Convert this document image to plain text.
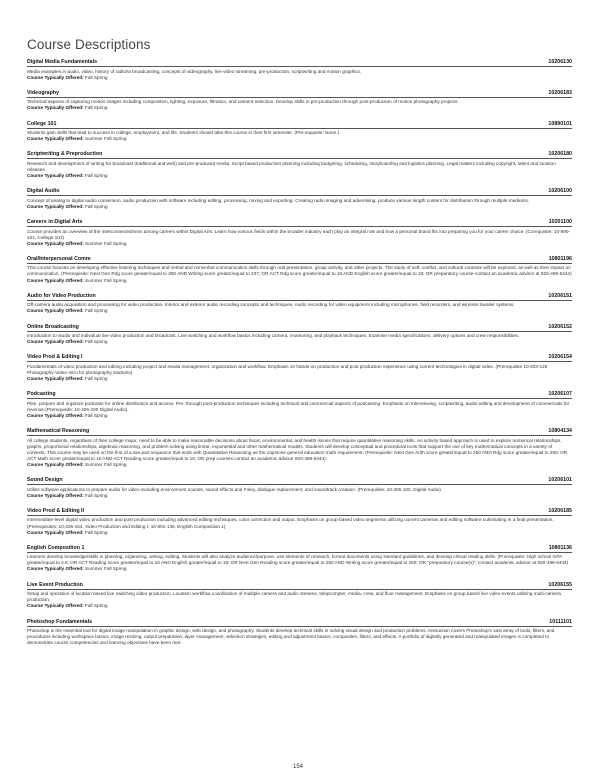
Course Descriptions
Digital Media Fundamentals	10206130
Media examples in audio, video, history of radio/tv broadcasting, concepts of videography, live video streaming, pre-production, scriptwriting and motion graphics.
Course Typically Offered: Fall Spring
Videography	10206183
Technical aspects of capturing motion images including composition, lighting, exposure, filtration, and camera selection. Develop skills in pre-production through post-production of motion photography projects.
Course Typically Offered: Fall Spring
College 101	10890101
Students gain skills that lead to success in college, employment, and life. Students should take this course in their first semester. (Pre-requisite: None.)
Course Typically Offered: Summer Fall Spring
Scriptwriting & Preproduction	10206180
Research and development of writing for broadcast (traditional and web) and pre-produced media. Script based production planning including budgeting, scheduling, storyboarding and logistics planning. Legal matters including copyright, talent and location releases.
Course Typically Offered: Fall Spring
Digital Audio	10206100
Concept of analog to digital audio conversion, audio production with software including editing, processing, mixing and exporting. Creating radio imaging and advertising, produce various length content for distribution through multiple mediums.
Course Typically Offered: Fall Spring
Careers in Digital Arts	10201100
Course provides an overview of the interconnectedness among careers within Digital Arts. Learn how various fields within the broader industry each play an integral role and how a personal brand fits into preparing you for your career choice. (Corequisite: 10-890-101, College 101)
Course Typically Offered: Summer Fall Spring
Oral/Interpersonal Comm	10801196
This course focuses on developing effective listening techniques and verbal and nonverbal communication skills through oral presentation, group activity, and other projects. The study of self, conflict, and cultural contexts will be explored, as well as their impact on communication. (Prerequisite: Next Gen Rdg score greater/equal to 250 AND Writing score greater/equal to 237; OR ACT Rdg score greater/equal to 16 AND English score greater/equal to 18; OR preparatory course-contact an academic advisor at 920-498-5444)
Course Typically Offered: Summer Fall Spring
Audio for Video Production	10206151
Off-camera audio acquisition and processing for video production. Interior and exterior audio recording concepts and techniques. Audio recording for video equipment including microphones, field recorders, and wireless lavalier systems.
Course Typically Offered: Fall Spring
Online Broadcasting	10206152
Introduction to studio and individual live video production and broadcast. Live switching and workflow basics including camera, monitoring, and playback techniques. Examine media specifications, delivery options and crew responsibilities.
Course Typically Offered: Fall Spring
Video Prod & Editing I	10206154
Fundamentals of video production and editing including project and media management, organization and workflow. Emphasis on hands-on production and post production experience using current technologies in digital video. (Prerequisite 10-203-126 Photography-Video Intro for photography students)
Course Typically Offered: Fall Spring
Podcasting	10206107
Plan, prepare and organize podcasts for online distribution and access. Pre- through post-production techniques including technical and commercial aspects of podcasting. Emphasis on interviewing, scriptwriting, audio editing and development of commercials for revenue.(Prerequisite: 10-206-100 Digital Audio).
Course Typically Offered: Fall Spring
Mathematical Reasoning	10804134
All college students, regardless of their college major, need to be able to make reasonable decisions about fiscal, environmental, and health issues that require quantitative reasoning skills. An activity based approach is used to explore numerical relationships, graphs, proportional relationships, algebraic reasoning, and problem solving using linear, exponential and other mathematical models. Students will develop conceptual and procedural tools that support the use of key mathematical concepts in a variety of contexts. This course may be used on the first of a two part sequence that ends with Quantitative Reasoning as the capstone general education math requirement. (Prerequisite: Next Gen Arith score greater/equal to 250 AND Rdg score greater/equal to 250; OR ACT Math score greater/equal to 15 AND ACT Reading score greater/equal to 16; OR prep courses contact an academic advisor 920-498-5444).
Course Typically Offered: Summer Fall Spring
Sound Design	10206101
Utilize software applications to prepare audio for video including environment sounds, sound effects and Foley, dialogue replacement, and soundtrack creation. (Prerequisite: 10-206-100, Digital Audio)
Course Typically Offered: Fall Spring
Video Prod & Editing II	10206185
Intermediate-level digital video production and post production including advanced editing techniques, color correction and output. Emphasis on group-based video segments utilizing current cameras and editing software culminating in a final presentation. (Prerequisites: 10-206-154, Video Production and Editing I; 10-801-136, English Composition 1)
Course Typically Offered: Fall Spring
English Composition 1	10801136
Learners develop knowledge/skills in planning, organizing, writing, editing. Students will also analyze audience/purpose, use elements of research, format documents using standard guidelines, and develop critical reading skills. (Prerequisite: High school GPA greater/equal to 2.6; OR ACT Reading score greater/equal to 16 AND English greater/equal to 18; OR Next Gen Reading score greater/equal to 250 AND Writing score greater/equal to 260; OR "preparatory course(s)"; contact academic advisor at 920-498-5444)
Course Typically Offered: Summer Fall Spring
Live Event Production	10206155
Setup and operation of location based live switching video production. Location workflow coordination of multiple camera and audio streams, teleprompter, media, crew, and floor management. Emphasis on group based live video events utilizing multi-camera production.
Course Typically Offered: Fall Spring
Photoshop Fundamentals	10111101
Photoshop is the essential tool for digital image manipulation in graphic design, web design, and photography. Students develop technical skills in solving visual design and production problems. Instruction covers Photoshop's vast array of tools, filters, and procedures including workspace basics, image resizing, output preparation, layer management, selection strategies, editing and adjustment basics, composites, filters, and effects. A portfolio of digitally generated and manipulated images is completed to demonstrate course competencies and learning objectives have been met.
154
